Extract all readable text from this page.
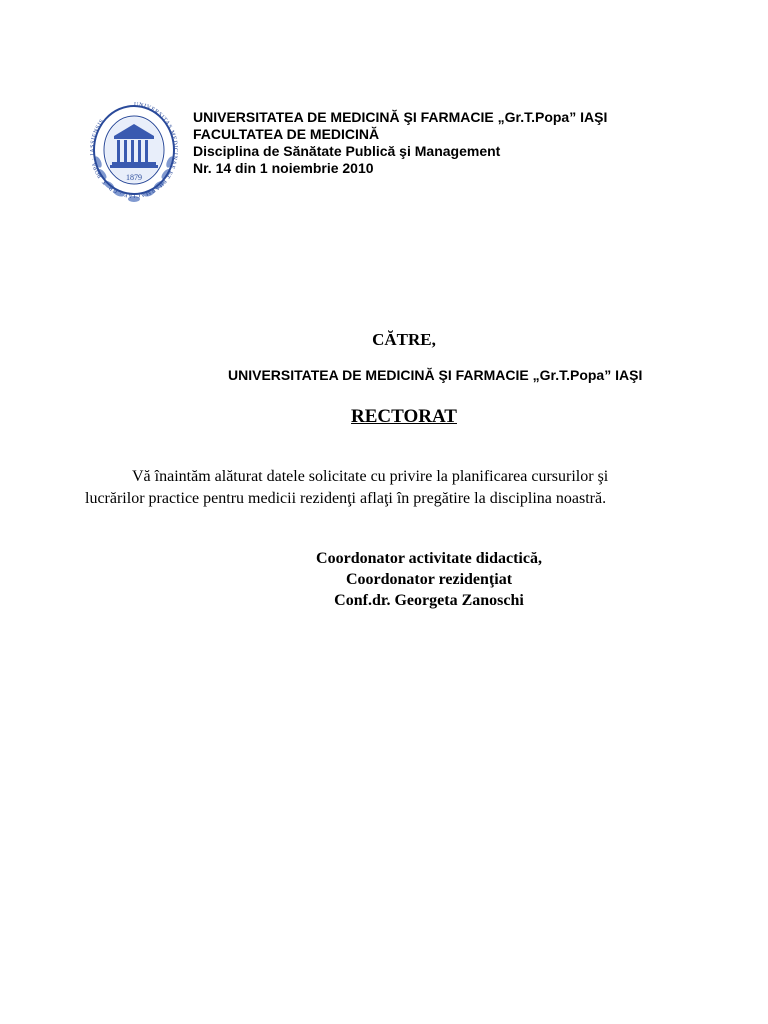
UNIVERSITAS MEDICINAE ET PHARMACIAE · GR. T. POPA · IASSIENSIS
1879
UNIVERSITATEA DE MEDICINĂ ŞI FARMACIE „Gr.T.Popa” IAŞI
FACULTATEA DE MEDICINĂ
Disciplina de Sănătate Publică şi Management
Nr. 14 din 1 noiembrie 2010
CĂTRE,
UNIVERSITATEA DE MEDICINĂ ŞI FARMACIE „Gr.T.Popa” IAŞI
RECTORAT
Vă înaintăm alăturat datele solicitate cu privire la planificarea cursurilor şi
lucrărilor practice pentru medicii rezidenţi aflaţi în pregătire la disciplina noastră.
Coordonator activitate didactică,
Coordonator rezidenţiat
Conf.dr. Georgeta Zanoschi
